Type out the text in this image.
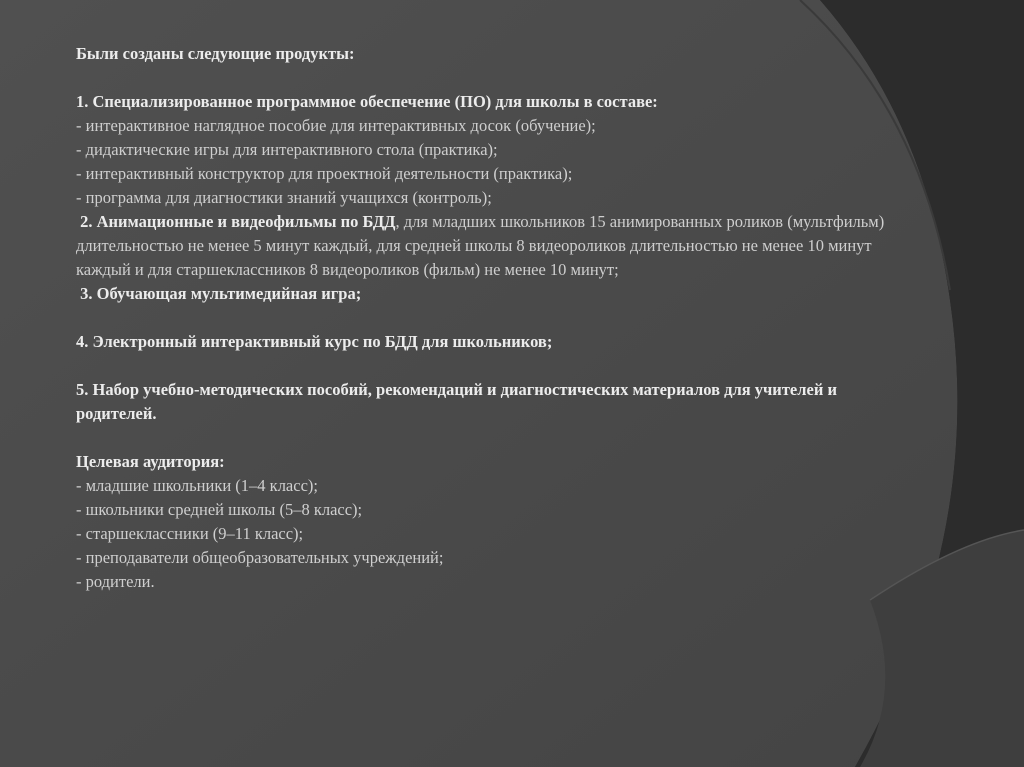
Были созданы следующие продукты:

1. Специализированное программное обеспечение (ПО) для школы в составе:

- интерактивное наглядное пособие для интерактивных досок (обучение);

- дидактические игры для интерактивного стола (практика);

- интерактивный конструктор для проектной деятельности (практика);

- программа для диагностики знаний учащихся (контроль);

2. Анимационные и видеофильмы по БДД, для младших школьников 15 анимированных роликов (мультфильм) длительностью не менее 5 минут каждый, для средней школы 8 видеороликов длительностью не менее 10 минут каждый и для старшеклассников 8 видеороликов (фильм) не менее 10 минут;

3. Обучающая мультимедийная игра;

4. Электронный интерактивный курс по БДД для школьников;

5. Набор учебно-методических пособий, рекомендаций и диагностических материалов для учителей и родителей.

Целевая аудитория:

- младшие школьники (1–4 класс);

- школьники средней школы (5–8 класс);

- старшеклассники (9–11 класс);

- преподаватели общеобразовательных учреждений;

- родители.
